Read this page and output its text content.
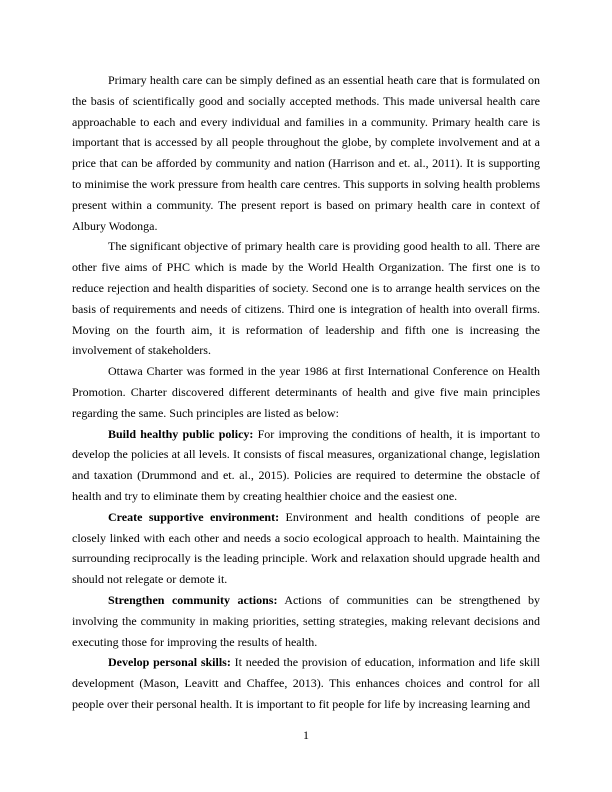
Primary health care can be simply defined as an essential heath care that is formulated on the basis of scientifically good and socially accepted methods. This made universal health care approachable to each and every individual and families in a community. Primary health care is important that is accessed by all people throughout the globe, by complete involvement and at a price that can be afforded by community and nation (Harrison and et. al., 2011). It is supporting to minimise the work pressure from health care centres. This supports in solving health problems present within a community. The present report is based on primary health care in context of Albury Wodonga.

The significant objective of primary health care is providing good health to all. There are other five aims of PHC which is made by the World Health Organization. The first one is to reduce rejection and health disparities of society. Second one is to arrange health services on the basis of requirements and needs of citizens. Third one is integration of health into overall firms. Moving on the fourth aim, it is reformation of leadership and fifth one is increasing the involvement of stakeholders.

Ottawa Charter was formed in the year 1986 at first International Conference on Health Promotion. Charter discovered different determinants of health and give five main principles regarding the same. Such principles are listed as below:

Build healthy public policy: For improving the conditions of health, it is important to develop the policies at all levels. It consists of fiscal measures, organizational change, legislation and taxation (Drummond and et. al., 2015). Policies are required to determine the obstacle of health and try to eliminate them by creating healthier choice and the easiest one.

Create supportive environment: Environment and health conditions of people are closely linked with each other and needs a socio ecological approach to health. Maintaining the surrounding reciprocally is the leading principle. Work and relaxation should upgrade health and should not relegate or demote it.

Strengthen community actions: Actions of communities can be strengthened by involving the community in making priorities, setting strategies, making relevant decisions and executing those for improving the results of health.

Develop personal skills: It needed the provision of education, information and life skill development (Mason, Leavitt and Chaffee, 2013). This enhances choices and control for all people over their personal health. It is important to fit people for life by increasing learning and

1
